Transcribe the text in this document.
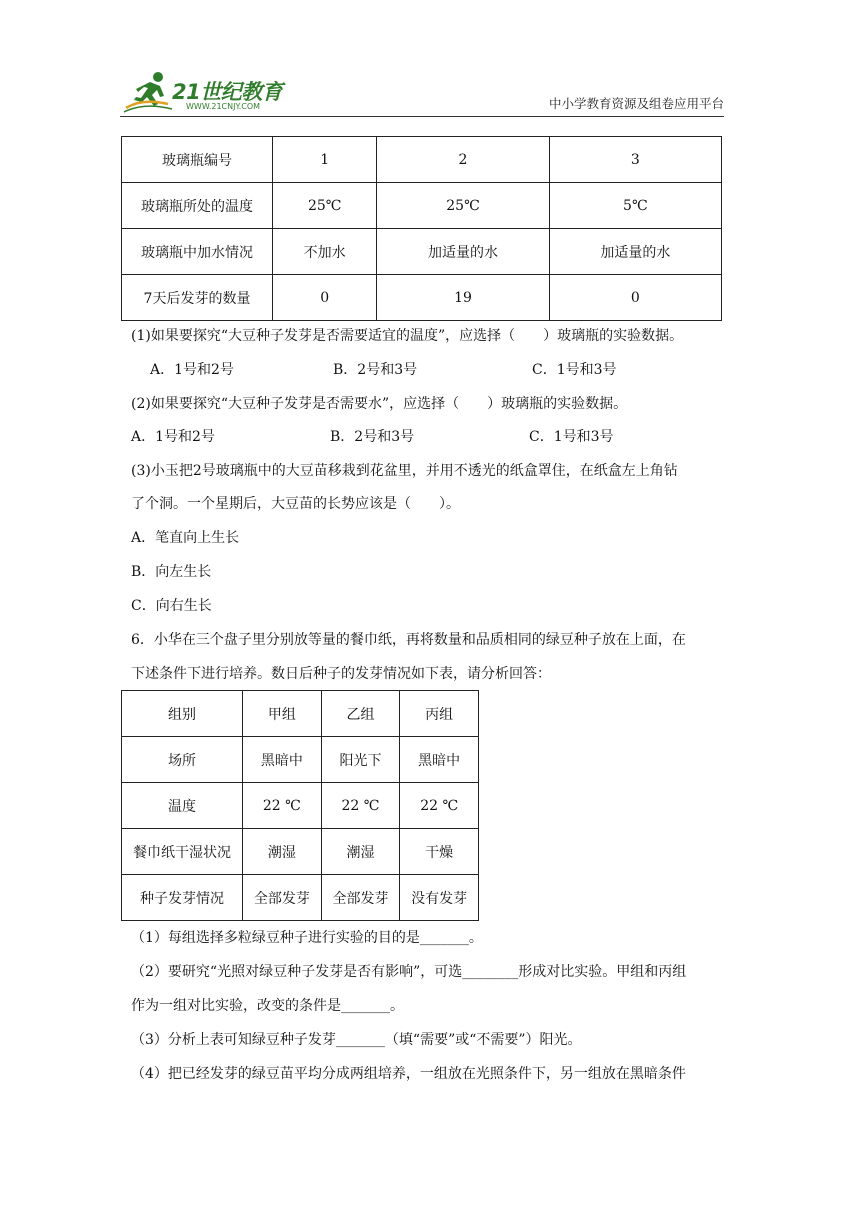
21世纪教育
WWW.21CNJY.COM	中小学教育资源及组卷应用平台
玻璃瓶编号	1	2	3
玻璃瓶所处的温度	25℃	25℃	5℃
玻璃瓶中加水情况	不加水	加适量的水	加适量的水
7天后发芽的数量	0	19	0
(1)如果要探究“大豆种子发芽是否需要适宜的温度”，应选择（　　）玻璃瓶的实验数据。
A．1号和2号	B．2号和3号	C．1号和3号
(2)如果要探究“大豆种子发芽是否需要水”，应选择（　　）玻璃瓶的实验数据。
A．1号和2号	B．2号和3号	C．1号和3号
(3)小玉把2号玻璃瓶中的大豆苗移栽到花盆里，并用不透光的纸盒罩住，在纸盒左上角钻
了个洞。一个星期后，大豆苗的长势应该是（　　）。
A．笔直向上生长
B．向左生长
C．向右生长
6．小华在三个盘子里分别放等量的餐巾纸，再将数量和品质相同的绿豆种子放在上面，在
下述条件下进行培养。数日后种子的发芽情况如下表，请分析回答：
组别	甲组	乙组	丙组
场所	黑暗中	阳光下	黑暗中
温度	22 ℃	22 ℃	22 ℃
餐巾纸干湿状况	潮湿	潮湿	干燥
种子发芽情况	全部发芽	全部发芽	没有发芽
（1）每组选择多粒绿豆种子进行实验的目的是_______。
（2）要研究“光照对绿豆种子发芽是否有影响”，可选________形成对比实验。甲组和丙组
作为一组对比实验，改变的条件是_______。
（3）分析上表可知绿豆种子发芽_______（填“需要”或“不需要”）阳光。
（4）把已经发芽的绿豆苗平均分成两组培养，一组放在光照条件下，另一组放在黑暗条件
